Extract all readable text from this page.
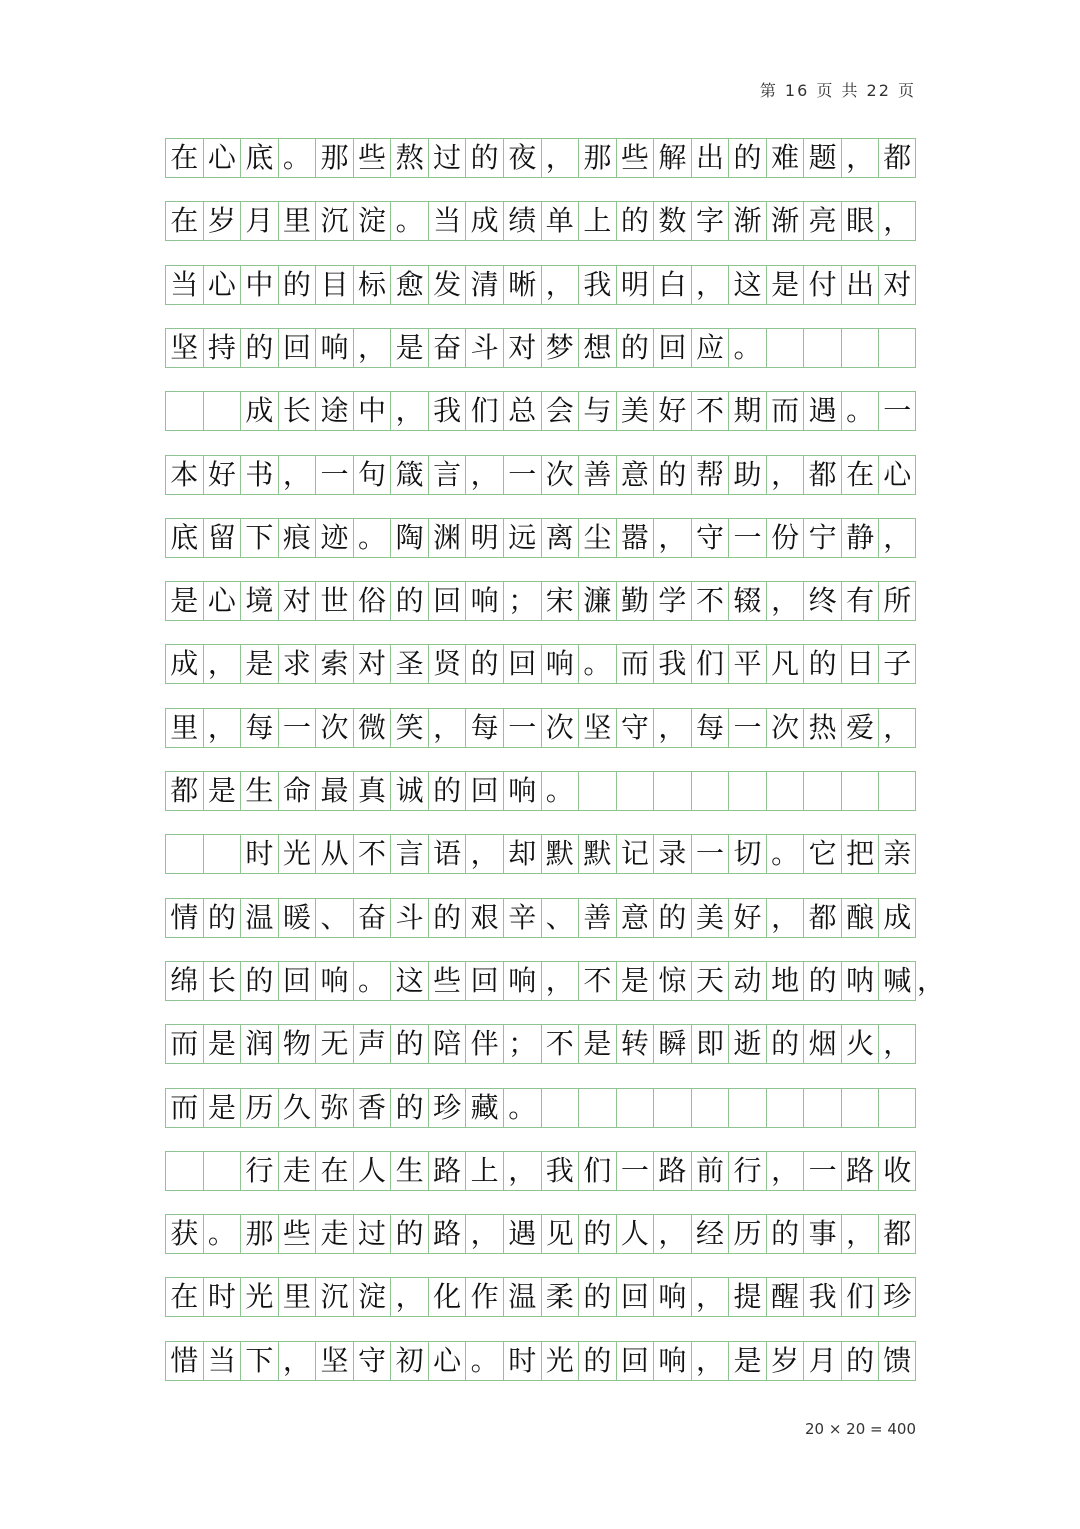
第 16 页 共 22 页
在 心 底 。 那 些 熬 过 的 夜 ， 那 些 解 出 的 难 题 ， 都
在 岁 月 里 沉 淀 。 当 成 绩 单 上 的 数 字 渐 渐 亮 眼 ，
当 心 中 的 目 标 愈 发 清 晰 ， 我 明 白 ， 这 是 付 出 对
坚 持 的 回 响 ， 是 奋 斗 对 梦 想 的 回 应 。
成 长 途 中 ， 我 们 总 会 与 美 好 不 期 而 遇 。 一
本 好 书 ， 一 句 箴 言 ， 一 次 善 意 的 帮 助 ， 都 在 心
底 留 下 痕 迹 。 陶 渊 明 远 离 尘 嚣 ， 守 一 份 宁 静 ，
是 心 境 对 世 俗 的 回 响 ； 宋 濂 勤 学 不 辍 ， 终 有 所
成 ， 是 求 索 对 圣 贤 的 回 响 。 而 我 们 平 凡 的 日 子
里 ， 每 一 次 微 笑 ， 每 一 次 坚 守 ， 每 一 次 热 爱 ，
都 是 生 命 最 真 诚 的 回 响 。
时 光 从 不 言 语 ， 却 默 默 记 录 一 切 。 它 把 亲
情 的 温 暖 、 奋 斗 的 艰 辛 、 善 意 的 美 好 ， 都 酿 成
绵 长 的 回 响 。 这 些 回 响 ， 不 是 惊 天 动 地 的 呐 喊 ，
而 是 润 物 无 声 的 陪 伴 ； 不 是 转 瞬 即 逝 的 烟 火 ，
而 是 历 久 弥 香 的 珍 藏 。
行 走 在 人 生 路 上 ， 我 们 一 路 前 行 ， 一 路 收
获 。 那 些 走 过 的 路 ， 遇 见 的 人 ， 经 历 的 事 ， 都
在 时 光 里 沉 淀 ， 化 作 温 柔 的 回 响 ， 提 醒 我 们 珍
惜 当 下 ， 坚 守 初 心 。 时 光 的 回 响 ， 是 岁 月 的 馈
20 × 20 = 400
